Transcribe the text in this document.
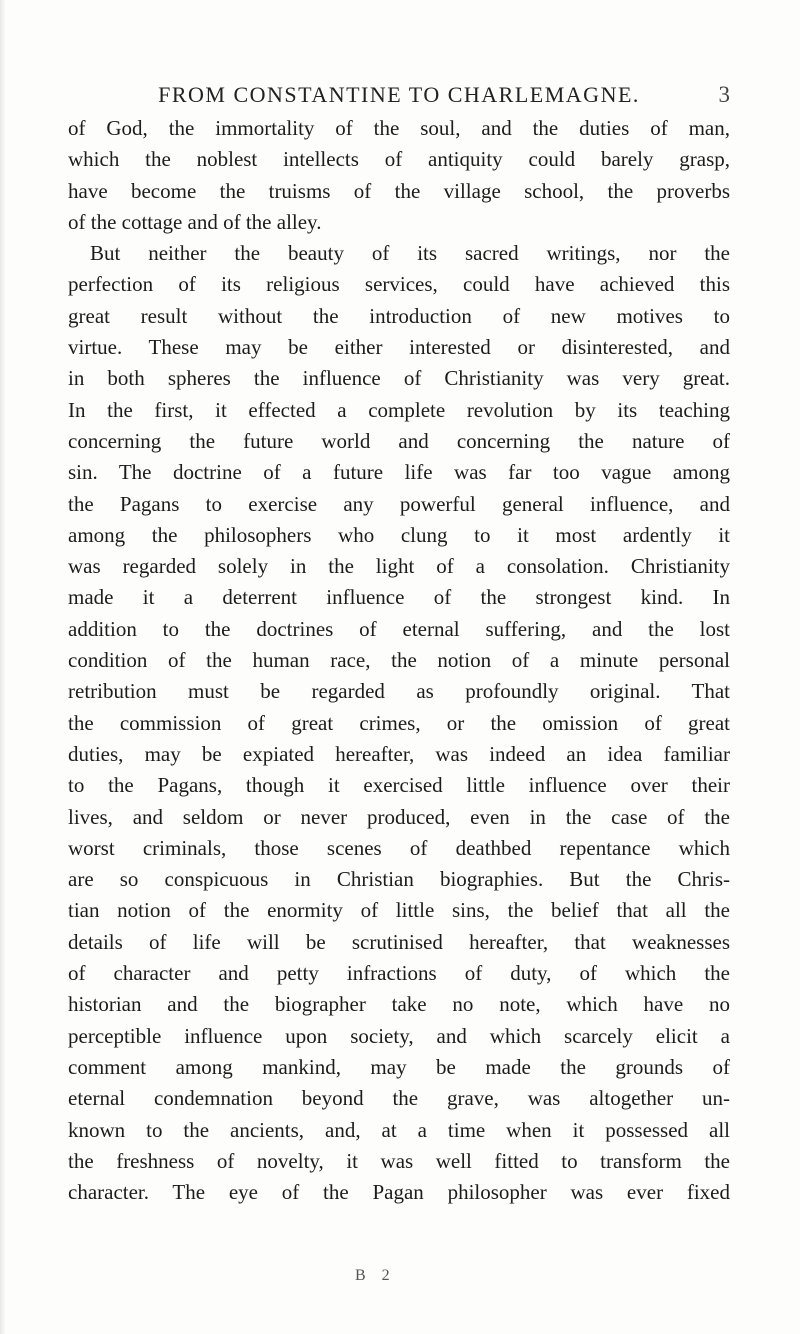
FROM CONSTANTINE TO CHARLEMAGNE.	3
of God, the immortality of the soul, and the duties of man,
which the noblest intellects of antiquity could barely grasp,
have become the truisms of the village school, the proverbs
of the cottage and of the alley.
But neither the beauty of its sacred writings, nor the
perfection of its religious services, could have achieved this
great result without the introduction of new motives to
virtue. These may be either interested or disinterested, and
in both spheres the influence of Christianity was very great.
In the first, it effected a complete revolution by its teaching
concerning the future world and concerning the nature of
sin. The doctrine of a future life was far too vague among
the Pagans to exercise any powerful general influence, and
among the philosophers who clung to it most ardently it
was regarded solely in the light of a consolation. Christianity
made it a deterrent influence of the strongest kind. In
addition to the doctrines of eternal suffering, and the lost
condition of the human race, the notion of a minute personal
retribution must be regarded as profoundly original. That
the commission of great crimes, or the omission of great
duties, may be expiated hereafter, was indeed an idea familiar
to the Pagans, though it exercised little influence over their
lives, and seldom or never produced, even in the case of the
worst criminals, those scenes of deathbed repentance which
are so conspicuous in Christian biographies. But the Chris-
tian notion of the enormity of little sins, the belief that all the
details of life will be scrutinised hereafter, that weaknesses
of character and petty infractions of duty, of which the
historian and the biographer take no note, which have no
perceptible influence upon society, and which scarcely elicit a
comment among mankind, may be made the grounds of
eternal condemnation beyond the grave, was altogether un-
known to the ancients, and, at a time when it possessed all
the freshness of novelty, it was well fitted to transform the
character. The eye of the Pagan philosopher was ever fixed
B 2
